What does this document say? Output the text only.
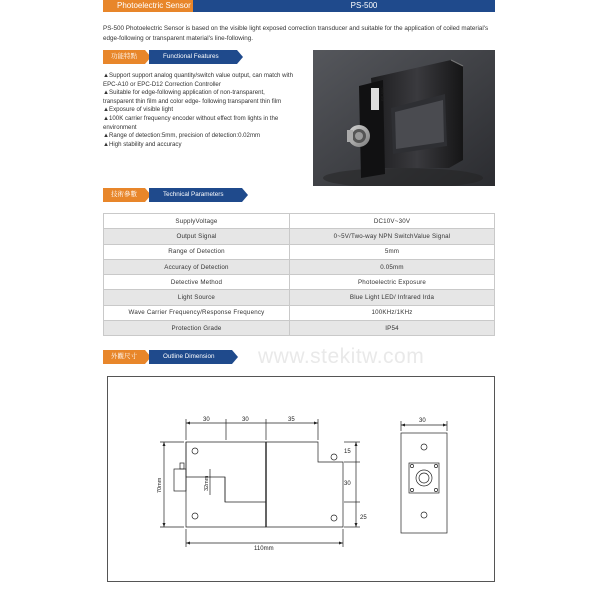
Photoelectric Sensor	PS-500

PS-500 Photoelectric Sensor is based on the visible light exposed correction transducer and suitable for the application of coiled material's edge-following or transparent material's line-following.

功能特點	Functional Features
▲Support support analog quantity/switch value output, can match with EPC-A10 or EPC-D12 Correction Controller
▲Suitable for edge-following application of non-transparent, transparent thin film and color edge- following transparent thin film
▲Exposure of visible light
▲100K carrier frequency encoder without effect from lights in the environment
▲Range of detection:5mm, precision of detection:0.02mm
▲High stability and accuracy
PS-500
技術參數	Technical Parameters
SupplyVoltage	DC10V~30V
Output Signal	0~5V/Two-way NPN SwitchValue Signal
Range of Detection	5mm
Accuracy of Detection	0.05mm
Detective Method	Photoelectric Exposure
Light Source	Blue Light LED/ Infrared Irda
Wave Carrier Frequency/Response Frequency	100KHz/1KHz
Protection Grade	IP54
外觀尺寸	Outline Dimension	www.stekitw.com
30	30	35
15
30
25
70mm	32mm
110mm
30
